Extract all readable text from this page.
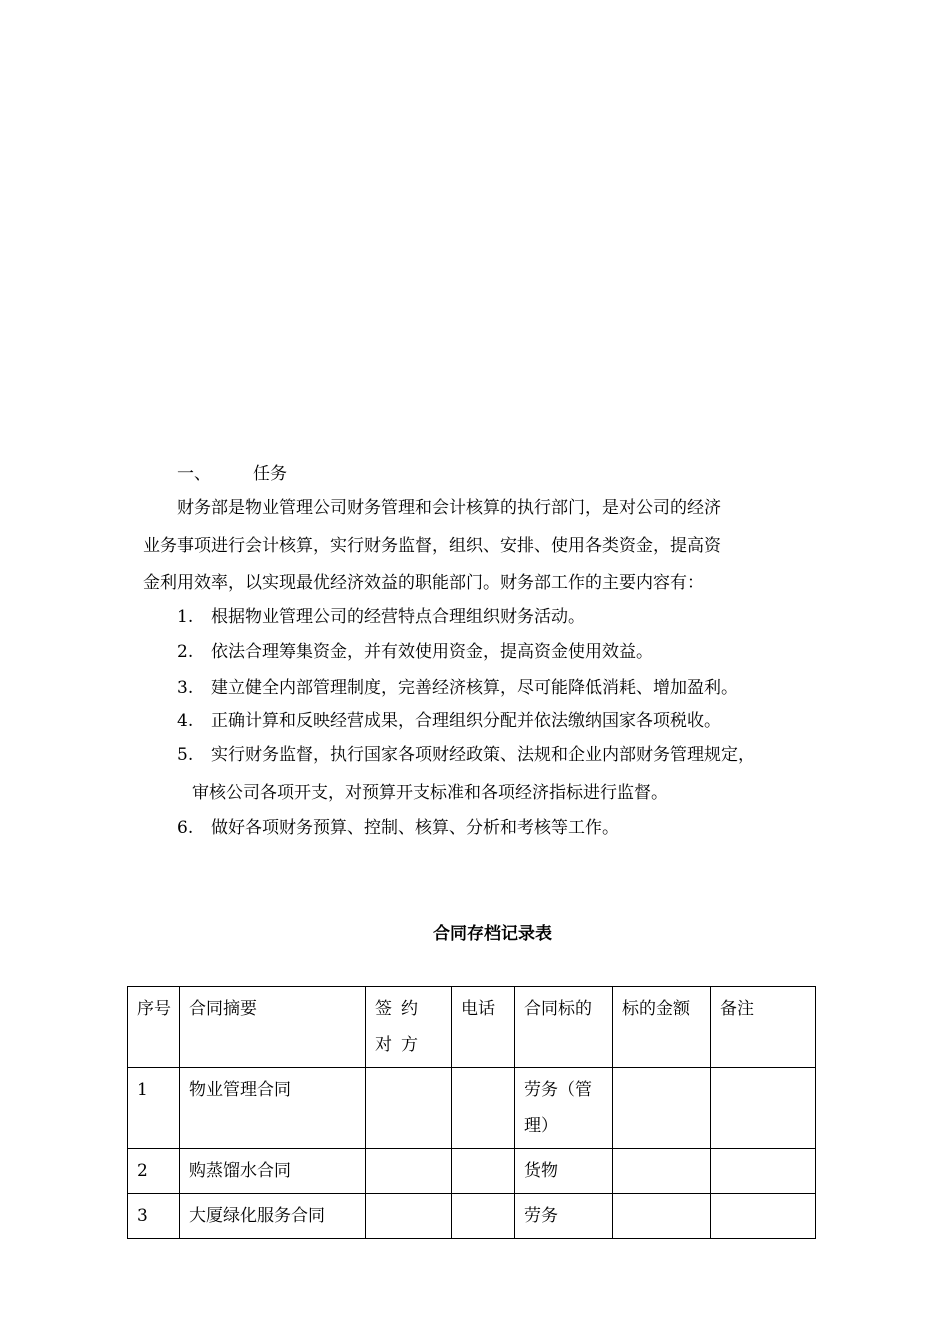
一、 任务
财务部是物业管理公司财务管理和会计核算的执行部门，是对公司的经济
业务事项进行会计核算，实行财务监督，组织、安排、使用各类资金，提高资
金利用效率，以实现最优经济效益的职能部门。财务部工作的主要内容有：
1. 根据物业管理公司的经营特点合理组织财务活动。
2. 依法合理筹集资金，并有效使用资金，提高资金使用效益。
3. 建立健全内部管理制度，完善经济核算，尽可能降低消耗、增加盈利。
4. 正确计算和反映经营成果，合理组织分配并依法缴纳国家各项税收。
5. 实行财务监督，执行国家各项财经政策、法规和企业内部财务管理规定，
审核公司各项开支，对预算开支标准和各项经济指标进行监督。
6. 做好各项财务预算、控制、核算、分析和考核等工作。
合同存档记录表
序号	合同摘要	签约对方	电话	合同标的	标的金额	备注
1	物业管理合同			劳务（管理）		
2	购蒸馏水合同			货物		
3	大厦绿化服务合同			劳务		
